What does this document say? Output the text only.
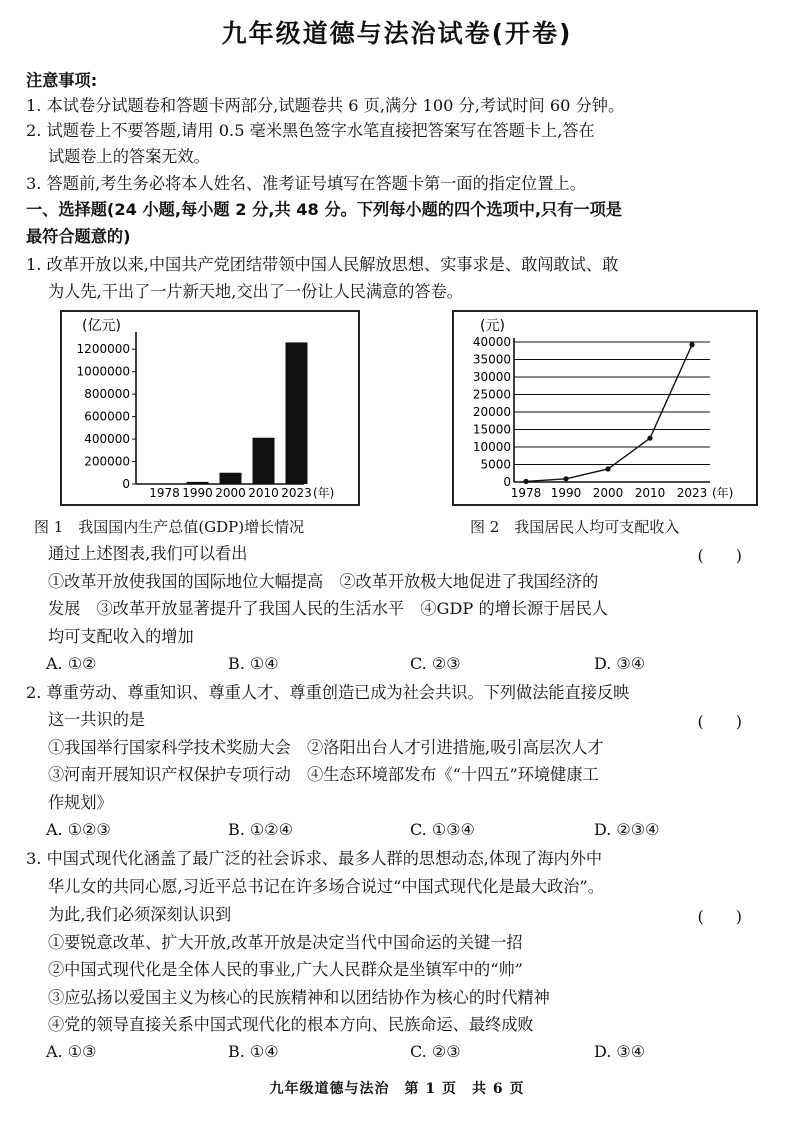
九年级道德与法治试卷(开卷)
注意事项:
1. 本试卷分试题卷和答题卡两部分,试题卷共 6 页,满分 100 分,考试时间 60 分钟。
2. 试题卷上不要答题,请用 0.5 毫米黑色签字水笔直接把答案写在答题卡上,答在
试题卷上的答案无效。
3. 答题前,考生务必将本人姓名、准考证号填写在答题卡第一面的指定位置上。
一、选择题(24 小题,每小题 2 分,共 48 分。下列每小题的四个选项中,只有一项是
最符合题意的)
1. 改革开放以来,中国共产党团结带领中国人民解放思想、实事求是、敢闯敢试、敢
为人先,干出了一片新天地,交出了一份让人民满意的答卷。
(亿元)
0
200000
400000
600000
800000
1000000
1200000
1978 1990 2000 2010 2023 (年)
(元)
0
5000
10000
15000
20000
25000
30000
35000
40000
1978 1990 2000 2010 2023 (年)
图 1　我国国内生产总值(GDP)增长情况	图 2　我国居民人均可支配收入
通过上述图表,我们可以看出	(　　)
①改革开放使我国的国际地位大幅提高　②改革开放极大地促进了我国经济的
发展　③改革开放显著提升了我国人民的生活水平　④GDP 的增长源于居民人
均可支配收入的增加
A. ①②	B. ①④	C. ②③	D. ③④
2. 尊重劳动、尊重知识、尊重人才、尊重创造已成为社会共识。下列做法能直接反映
这一共识的是	(　　)
①我国举行国家科学技术奖励大会　②洛阳出台人才引进措施,吸引高层次人才
③河南开展知识产权保护专项行动　④生态环境部发布《“十四五”环境健康工
作规划》
A. ①②③	B. ①②④	C. ①③④	D. ②③④
3. 中国式现代化涵盖了最广泛的社会诉求、最多人群的思想动态,体现了海内外中
华儿女的共同心愿,习近平总书记在许多场合说过“中国式现代化是最大政治”。
为此,我们必须深刻认识到	(　　)
①要锐意改革、扩大开放,改革开放是决定当代中国命运的关键一招
②中国式现代化是全体人民的事业,广大人民群众是坐镇军中的“帅”
③应弘扬以爱国主义为核心的民族精神和以团结协作为核心的时代精神
④党的领导直接关系中国式现代化的根本方向、民族命运、最终成败
A. ①③	B. ①④	C. ②③	D. ③④
九年级道德与法治　第 1 页　共 6 页
